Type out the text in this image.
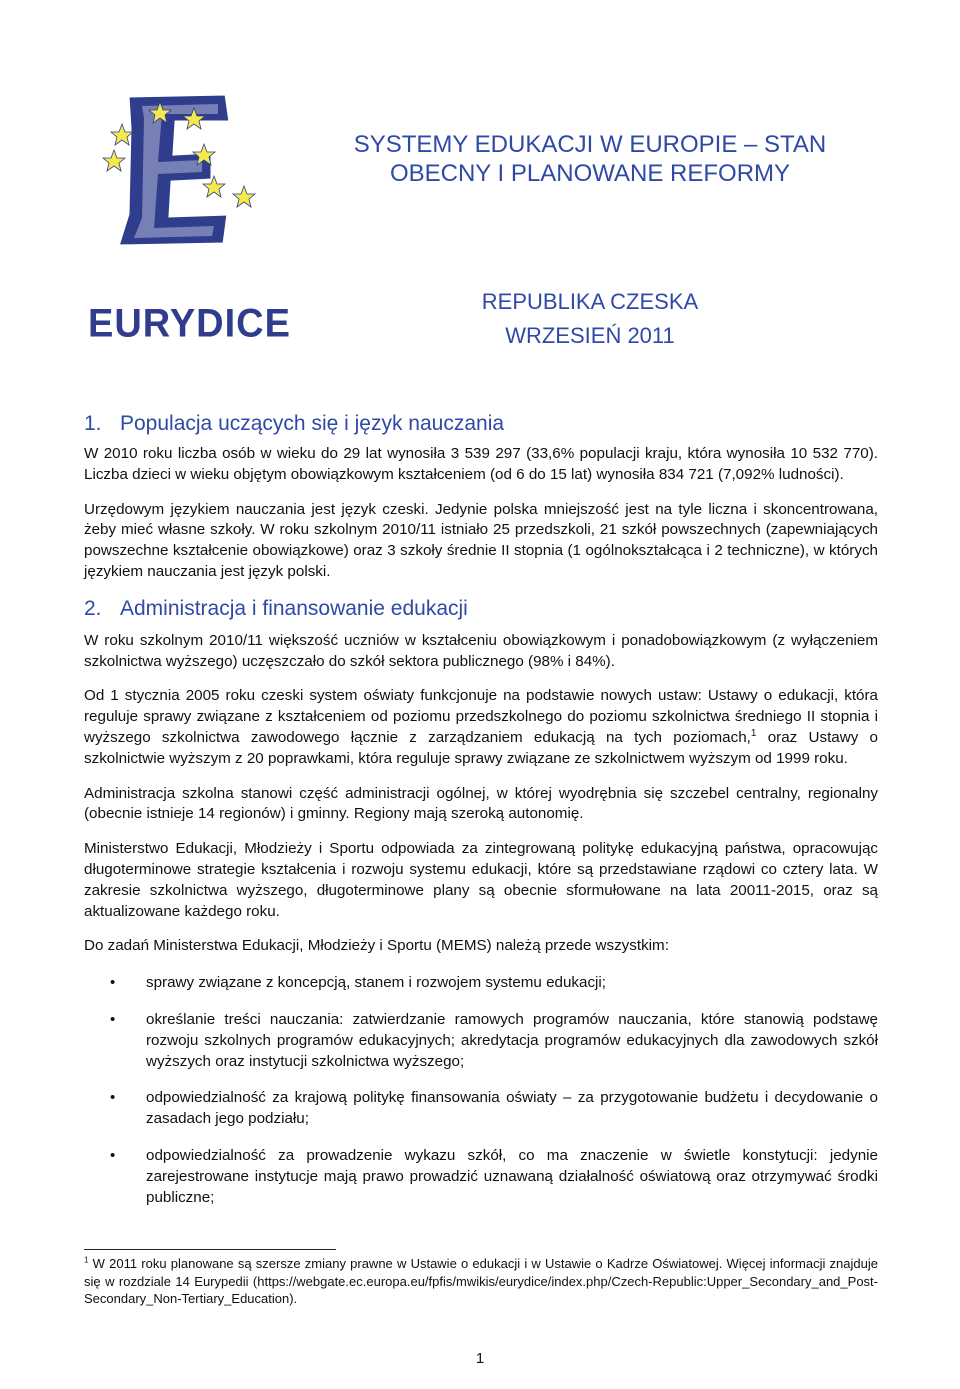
EURYDICE

SYSTEMY EDUKACJI W EUROPIE – STAN

OBECNY I PLANOWANE REFORMY

REPUBLIKA CZESKA

WRZESIEŃ 2011

1. Populacja uczących się i język nauczania

W 2010 roku liczba osób w wieku do 29 lat wynosiła 3 539 297 (33,6% populacji kraju, która wynosiła 10 532 770). Liczba dzieci w wieku objętym obowiązkowym kształceniem (od 6 do 15 lat) wynosiła 834 721 (7,092% ludności).

Urzędowym językiem nauczania jest język czeski. Jedynie polska mniejszość jest na tyle liczna i skoncentrowana, żeby mieć własne szkoły. W roku szkolnym 2010/11 istniało 25 przedszkoli, 21 szkół powszechnych (zapewniających powszechne kształcenie obowiązkowe) oraz 3 szkoły średnie II stopnia (1 ogólnokształcąca i 2 techniczne), w których językiem nauczania jest język polski.

2. Administracja i finansowanie edukacji

W roku szkolnym 2010/11 większość uczniów w kształceniu obowiązkowym i ponadobowiązkowym (z wyłączeniem szkolnictwa wyższego) uczęszczało do szkół sektora publicznego (98% i 84%).

Od 1 stycznia 2005 roku czeski system oświaty funkcjonuje na podstawie nowych ustaw: Ustawy o edukacji, która reguluje sprawy związane z kształceniem od poziomu przedszkolnego do poziomu szkolnictwa średniego II stopnia i wyższego szkolnictwa zawodowego łącznie z zarządzaniem edukacją na tych poziomach,$^1$ oraz Ustawy o szkolnictwie wyższym z 20 poprawkami, która reguluje sprawy związane ze szkolnictwem wyższym od 1999 roku.

Administracja szkolna stanowi część administracji ogólnej, w której wyodrębnia się szczebel centralny, regionalny (obecnie istnieje 14 regionów) i gminny. Regiony mają szeroką autonomię.

Ministerstwo Edukacji, Młodzieży i Sportu odpowiada za zintegrowaną politykę edukacyjną państwa, opracowując długoterminowe strategie kształcenia i rozwoju systemu edukacji, które są przedstawiane rządowi co cztery lata. W zakresie szkolnictwa wyższego, długoterminowe plany są obecnie sformułowane na lata 20011-2015, oraz są aktualizowane każdego roku.

Do zadań Ministerstwa Edukacji, Młodzieży i Sportu (MEMS) należą przede wszystkim:

• sprawy związane z koncepcją, stanem i rozwojem systemu edukacji;
• określanie treści nauczania: zatwierdzanie ramowych programów nauczania, które stanowią podstawę rozwoju szkolnych programów edukacyjnych; akredytacja programów edukacyjnych dla zawodowych szkół wyższych oraz instytucji szkolnictwa wyższego;
• odpowiedzialność za krajową politykę finansowania oświaty – za przygotowanie budżetu i decydowanie o zasadach jego podziału;
• odpowiedzialność za prowadzenie wykazu szkół, co ma znaczenie w świetle konstytucji: jedynie zarejestrowane instytucje mają prawo prowadzić uznawaną działalność oświatową oraz otrzymywać środki publiczne;
$^1$ W 2011 roku planowane są szersze zmiany prawne w Ustawie o edukacji i w Ustawie o Kadrze Oświatowej. Więcej informacji znajduje się w rozdziale 14 Eurypedii (https://webgate.ec.europa.eu/fpfis/mwikis/eurydice/index.php/Czech-Republic:Upper_Secondary_and_Post-Secondary_Non-Tertiary_Education).
1
